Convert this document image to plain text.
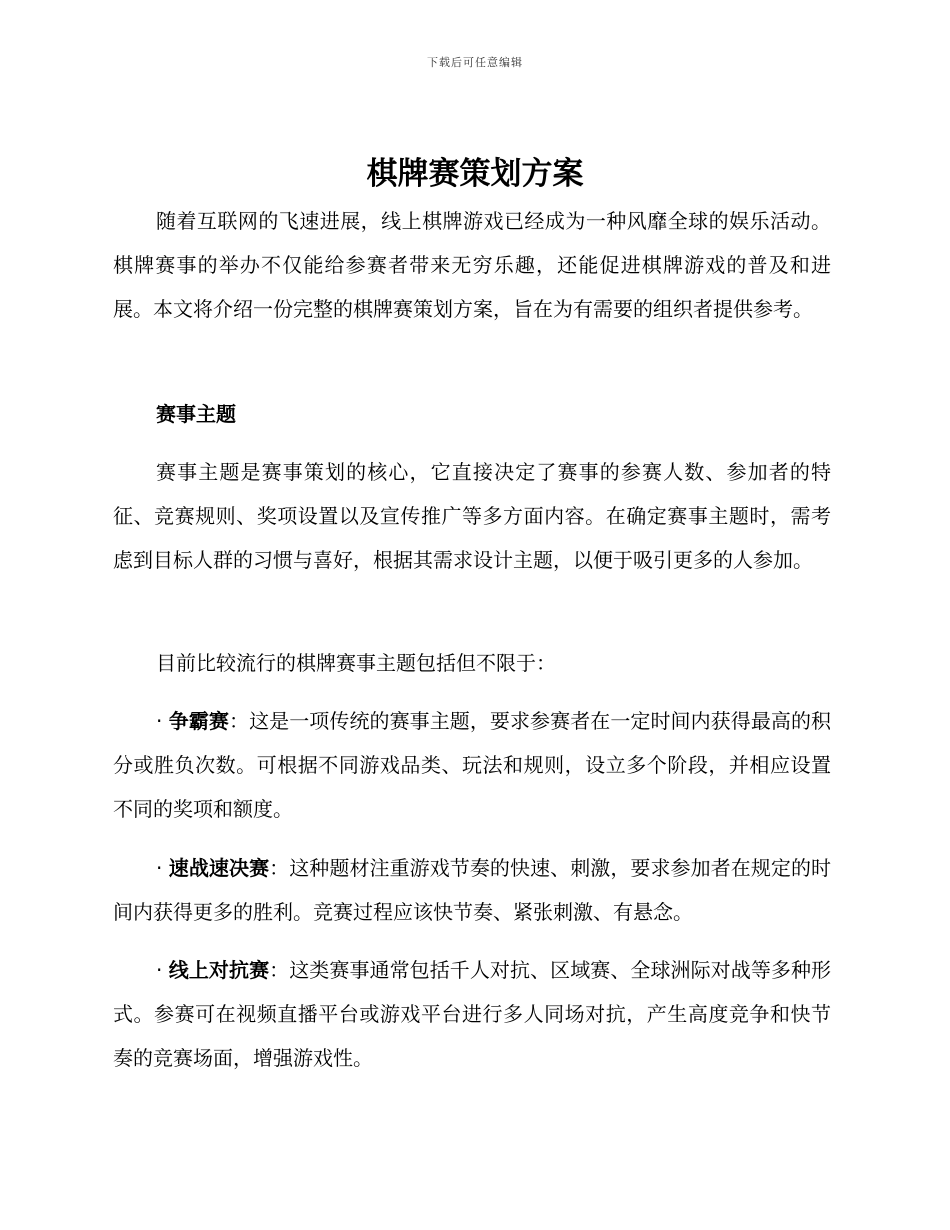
下载后可任意编辑
棋牌赛策划方案

随着互联网的飞速进展，线上棋牌游戏已经成为一种风靡全球的娱乐活动。棋牌赛事的举办不仅能给参赛者带来无穷乐趣，还能促进棋牌游戏的普及和进展。本文将介绍一份完整的棋牌赛策划方案，旨在为有需要的组织者提供参考。

赛事主题

赛事主题是赛事策划的核心，它直接决定了赛事的参赛人数、参加者的特征、竞赛规则、奖项设置以及宣传推广等多方面内容。在确定赛事主题时，需考虑到目标人群的习惯与喜好，根据其需求设计主题，以便于吸引更多的人参加。

目前比较流行的棋牌赛事主题包括但不限于：

· 争霸赛：这是一项传统的赛事主题，要求参赛者在一定时间内获得最高的积分或胜负次数。可根据不同游戏品类、玩法和规则，设立多个阶段，并相应设置不同的奖项和额度。

· 速战速决赛：这种题材注重游戏节奏的快速、刺激，要求参加者在规定的时间内获得更多的胜利。竞赛过程应该快节奏、紧张刺激、有悬念。

· 线上对抗赛：这类赛事通常包括千人对抗、区域赛、全球洲际对战等多种形式。参赛可在视频直播平台或游戏平台进行多人同场对抗，产生高度竞争和快节奏的竞赛场面，增强游戏性。
